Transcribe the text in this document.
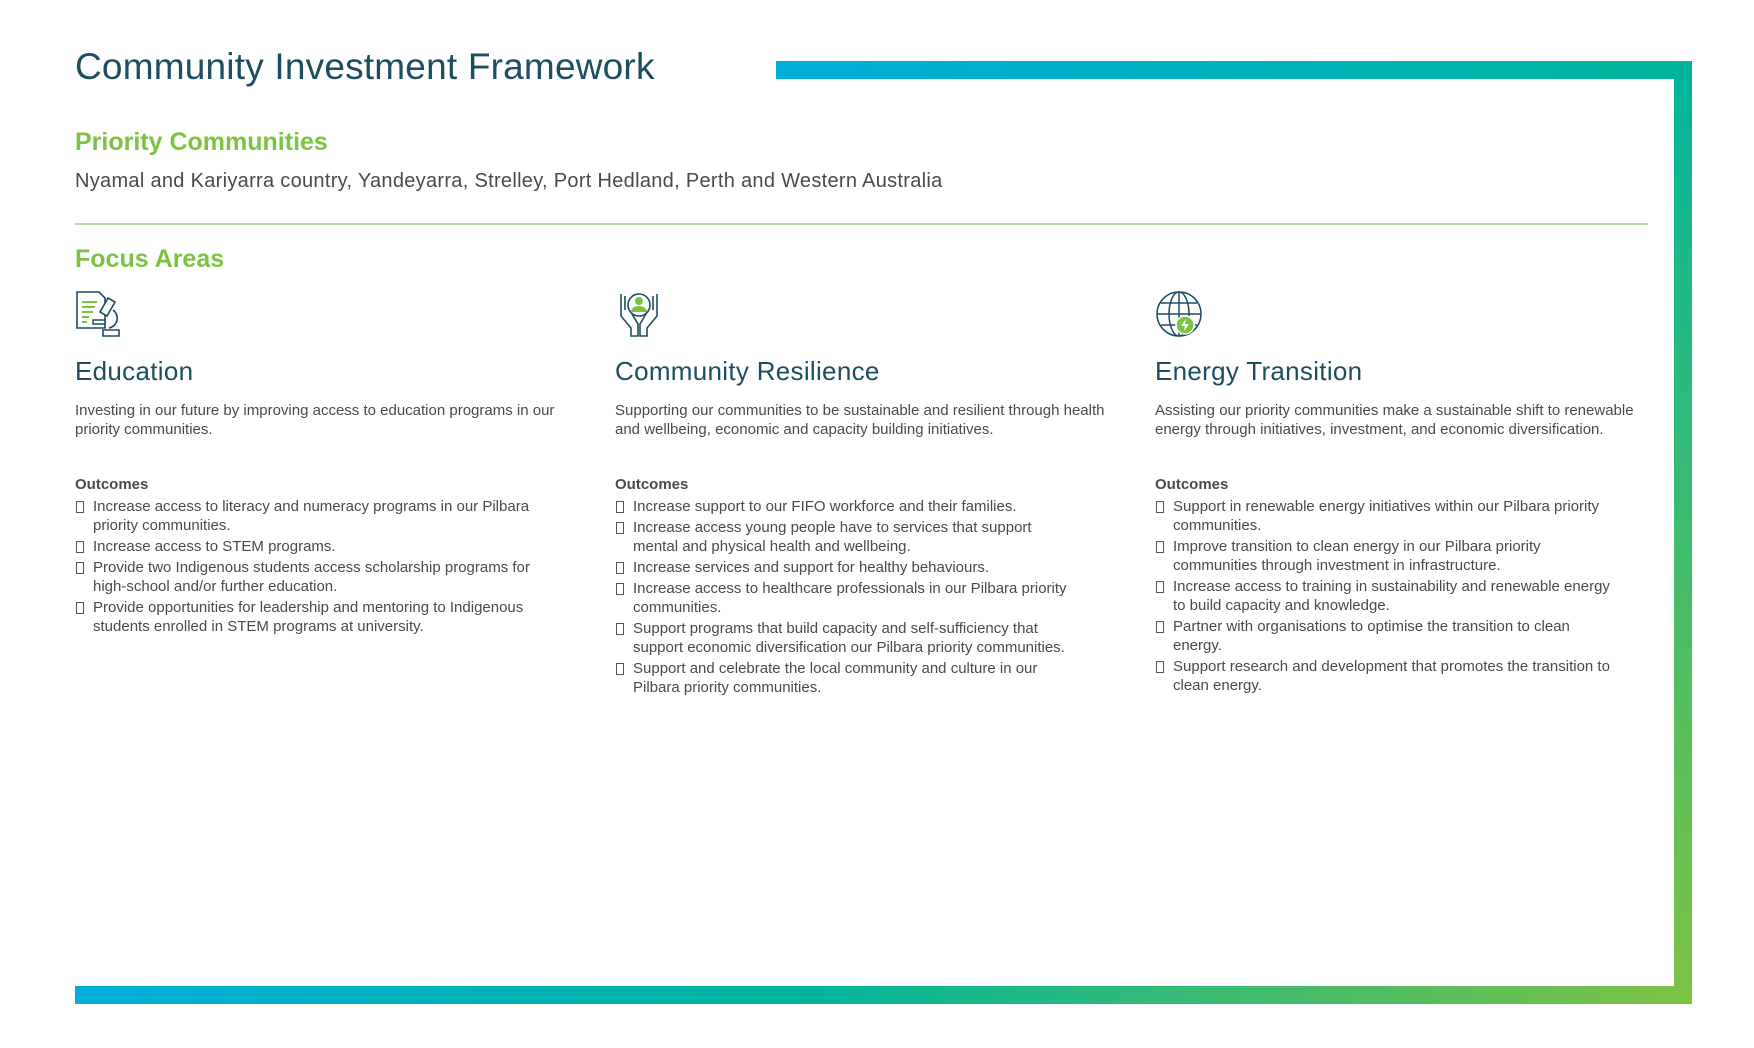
Community Investment Framework
Priority Communities
Nyamal and Kariyarra country, Yandeyarra, Strelley, Port Hedland, Perth and Western Australia
Focus Areas
Education

Investing in our future by improving access to education programs in our priority communities.

Outcomes
Increase access to literacy and numeracy programs in our Pilbara priority communities.
Increase access to STEM programs.
Provide two Indigenous students access scholarship programs for high-school and/or further education.
Provide opportunities for leadership and mentoring to Indigenous students enrolled in STEM programs at university.
Community Resilience

Supporting our communities to be sustainable and resilient through health and wellbeing, economic and capacity building initiatives.

Outcomes
Increase support to our FIFO workforce and their families.
Increase access young people have to services that support mental and physical health and wellbeing.
Increase services and support for healthy behaviours.
Increase access to healthcare professionals in our Pilbara priority communities.
Support programs that build capacity and self-sufficiency that support economic diversification our Pilbara priority communities.
Support and celebrate the local community and culture in our Pilbara priority communities.
Energy Transition

Assisting our priority communities make a sustainable shift to renewable energy through initiatives, investment, and economic diversification.

Outcomes
Support in renewable energy initiatives within our Pilbara priority communities.
Improve transition to clean energy in our Pilbara priority communities through investment in infrastructure.
Increase access to training in sustainability and renewable energy to build capacity and knowledge.
Partner with organisations to optimise the transition to clean energy.
Support research and development that promotes the transition to clean energy.
